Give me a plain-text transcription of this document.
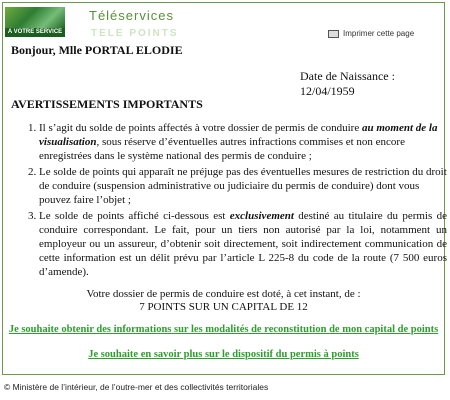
A VOTRE SERVICE
Téléservices
TELE POINTS	Imprimer cette page
Bonjour, Mlle PORTAL ELODIE
Date de Naissance : 12/04/1959
AVERTISSEMENTS IMPORTANTS
1. Il s’agit du solde de points affectés à votre dossier de permis de conduire au moment de la visualisation, sous réserve d’éventuelles autres infractions commises et non encore enregistrées dans le système national des permis de conduire ;
2. Le solde de points qui apparaît ne préjuge pas des éventuelles mesures de restriction du droit de conduire (suspension administrative ou judiciaire du permis de conduire) dont vous pouvez faire l’objet ;
3. Le solde de points affiché ci-dessous est exclusivement destiné au titulaire du permis de conduire correspondant. Le fait, pour un tiers non autorisé par la loi, notamment un employeur ou un assureur, d’obtenir soit directement, soit indirectement communication de cette information est un délit prévu par l’article L 225-8 du code de la route (7 500 euros d’amende).
Votre dossier de permis de conduire est doté, à cet instant, de :
7 POINTS SUR UN CAPITAL DE 12
Je souhaite obtenir des informations sur les modalités de reconstitution de mon capital de points
Je souhaite en savoir plus sur le dispositif du permis à points
© Ministère de l’intérieur, de l’outre-mer et des collectivités territoriales
